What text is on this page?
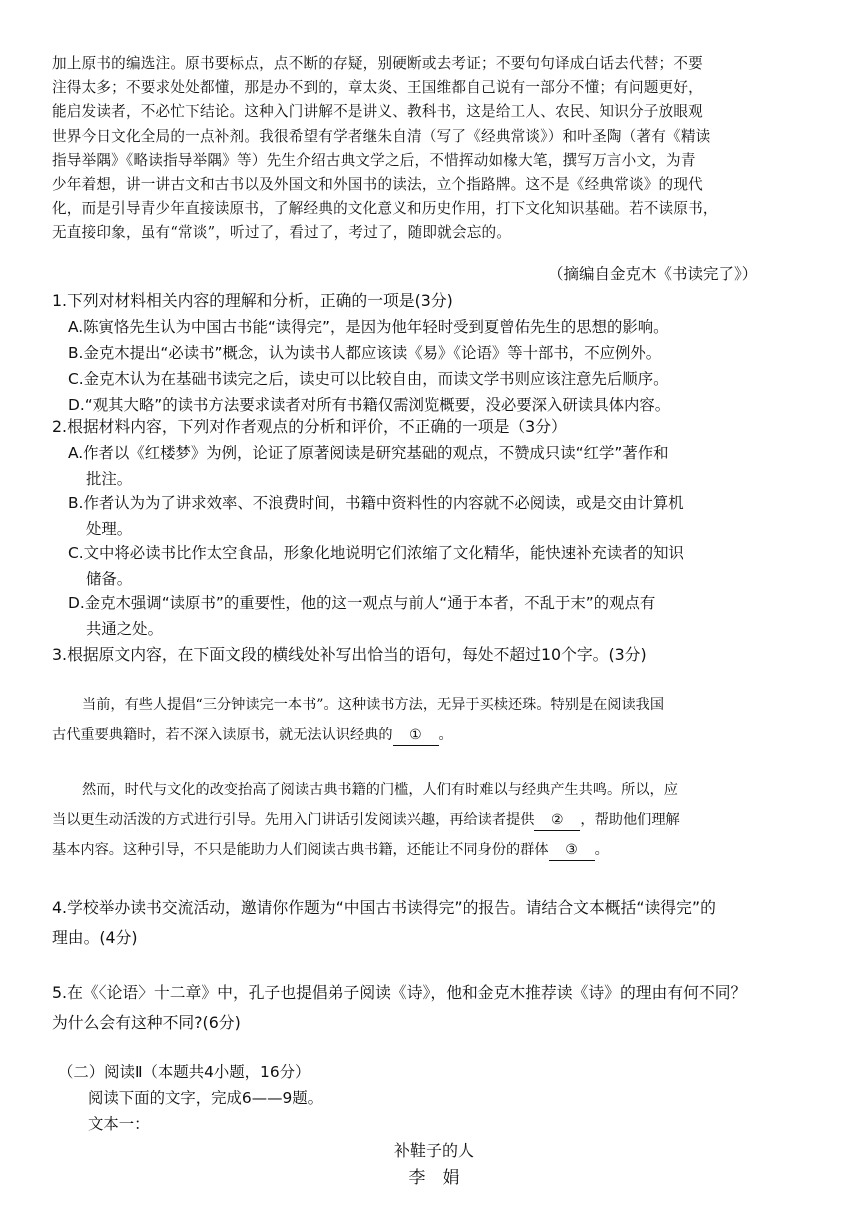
加上原书的编选注。原书要标点，点不断的存疑，别硬断或去考证；不要句句译成白话去代替；不要
注得太多；不要求处处都懂，那是办不到的，章太炎、王国维都自己说有一部分不懂；有问题更好，
能启发读者，不必忙下结论。这种入门讲解不是讲义、教科书，这是给工人、农民、知识分子放眼观
世界今日文化全局的一点补剂。我很希望有学者继朱自清（写了《经典常谈》）和叶圣陶（著有《精读
指导举隅》《略读指导举隅》等）先生介绍古典文学之后，不惜挥动如椽大笔，撰写万言小文，为青
少年着想，讲一讲古文和古书以及外国文和外国书的读法，立个指路牌。这不是《经典常谈》的现代
化，而是引导青少年直接读原书，了解经典的文化意义和历史作用，打下文化知识基础。若不读原书，
无直接印象，虽有“常谈”，听过了，看过了，考过了，随即就会忘的。
（摘编自金克木《书读完了》）
1.下列对材料相关内容的理解和分析，正确的一项是(3分)
A.陈寅恪先生认为中国古书能“读得完”，是因为他年轻时受到夏曾佑先生的思想的影响。
B.金克木提出“必读书”概念，认为读书人都应该读《易》《论语》等十部书，不应例外。
C.金克木认为在基础书读完之后，读史可以比较自由，而读文学书则应该注意先后顺序。
D.“观其大略”的读书方法要求读者对所有书籍仅需浏览概要，没必要深入研读具体内容。
2.根据材料内容，下列对作者观点的分析和评价，不正确的一项是（3分）
A.作者以《红楼梦》为例，论证了原著阅读是研究基础的观点，不赞成只读“红学”著作和
批注。
B.作者认为为了讲求效率、不浪费时间，书籍中资料性的内容就不必阅读，或是交由计算机
处理。
C.文中将必读书比作太空食品，形象化地说明它们浓缩了文化精华，能快速补充读者的知识
储备。
D.金克木强调“读原书”的重要性，他的这一观点与前人“通于本者，不乱于末”的观点有
共通之处。
3.根据原文内容，在下面文段的横线处补写出恰当的语句，每处不超过10个字。(3分)
当前，有些人提倡“三分钟读完一本书”。这种读书方法，无异于买椟还珠。特别是在阅读我国
古代重要典籍时，若不深入读原书，就无法认识经典的 ① 。
然而，时代与文化的改变抬高了阅读古典书籍的门槛，人们有时难以与经典产生共鸣。所以，应
当以更生动活泼的方式进行引导。先用入门讲话引发阅读兴趣，再给读者提供 ② ，帮助他们理解
基本内容。这种引导，不只是能助力人们阅读古典书籍，还能让不同身份的群体 ③ 。
4.学校举办读书交流活动，邀请你作题为“中国古书读得完”的报告。请结合文本概括“读得完”的
理由。(4分)
5.在《〈论语〉十二章》中，孔子也提倡弟子阅读《诗》，他和金克木推荐读《诗》的理由有何不同？
为什么会有这种不同?(6分)
（二）阅读Ⅱ（本题共4小题，16分）
阅读下面的文字，完成6——9题。
文本一：
补鞋子的人
李　娟
